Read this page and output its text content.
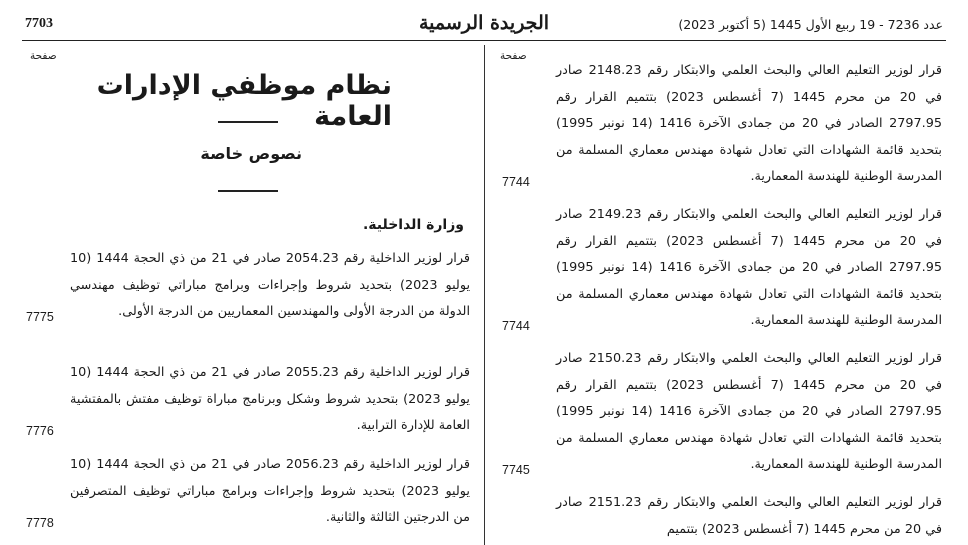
7703	الجريدة الرسمية	عدد 7236 - 19 ربيع الأول 1445 (5 أكتوبر 2023)
صفحة
قرار لوزير التعليم العالي والبحث العلمي والابتكار رقم 2148.23 صادر في 20 من محرم 1445 (7 أغسطس 2023) بتتميم القرار رقم 2797.95 الصادر في 20 من جمادى الآخرة 1416 (14 نونبر 1995) بتحديد قائمة الشهادات التي تعادل شهادة مهندس معماري المسلمة من المدرسة الوطنية للهندسة المعمارية.
7744
قرار لوزير التعليم العالي والبحث العلمي والابتكار رقم 2149.23 صادر في 20 من محرم 1445 (7 أغسطس 2023) بتتميم القرار رقم 2797.95 الصادر في 20 من جمادى الآخرة 1416 (14 نونبر 1995) بتحديد قائمة الشهادات التي تعادل شهادة مهندس معماري المسلمة من المدرسة الوطنية للهندسة المعمارية.
7744
قرار لوزير التعليم العالي والبحث العلمي والابتكار رقم 2150.23 صادر في 20 من محرم 1445 (7 أغسطس 2023) بتتميم القرار رقم 2797.95 الصادر في 20 من جمادى الآخرة 1416 (14 نونبر 1995) بتحديد قائمة الشهادات التي تعادل شهادة مهندس معماري المسلمة من المدرسة الوطنية للهندسة المعمارية.
7745
قرار لوزير التعليم العالي والبحث العلمي والابتكار رقم 2151.23 صادر في 20 من محرم 1445 (7 أغسطس 2023) بتتميم
صفحة
نظام موظفي الإدارات العامة
نصوص خاصة
وزارة الداخلية.
قرار لوزير الداخلية رقم 2054.23 صادر في 21 من ذي الحجة 1444 (10 يوليو 2023) بتحديد شروط وإجراءات وبرامج مباراتي توظيف مهندسي الدولة من الدرجة الأولى والمهندسين المعماريين من الدرجة الأولى.
7775
قرار لوزير الداخلية رقم 2055.23 صادر في 21 من ذي الحجة 1444 (10 يوليو 2023) بتحديد شروط وشكل وبرنامج مباراة توظيف مفتش بالمفتشية العامة للإدارة الترابية.
7776
قرار لوزير الداخلية رقم 2056.23 صادر في 21 من ذي الحجة 1444 (10 يوليو 2023) بتحديد شروط وإجراءات وبرامج مباراتي توظيف المتصرفين من الدرجتين الثالثة والثانية.
7778
